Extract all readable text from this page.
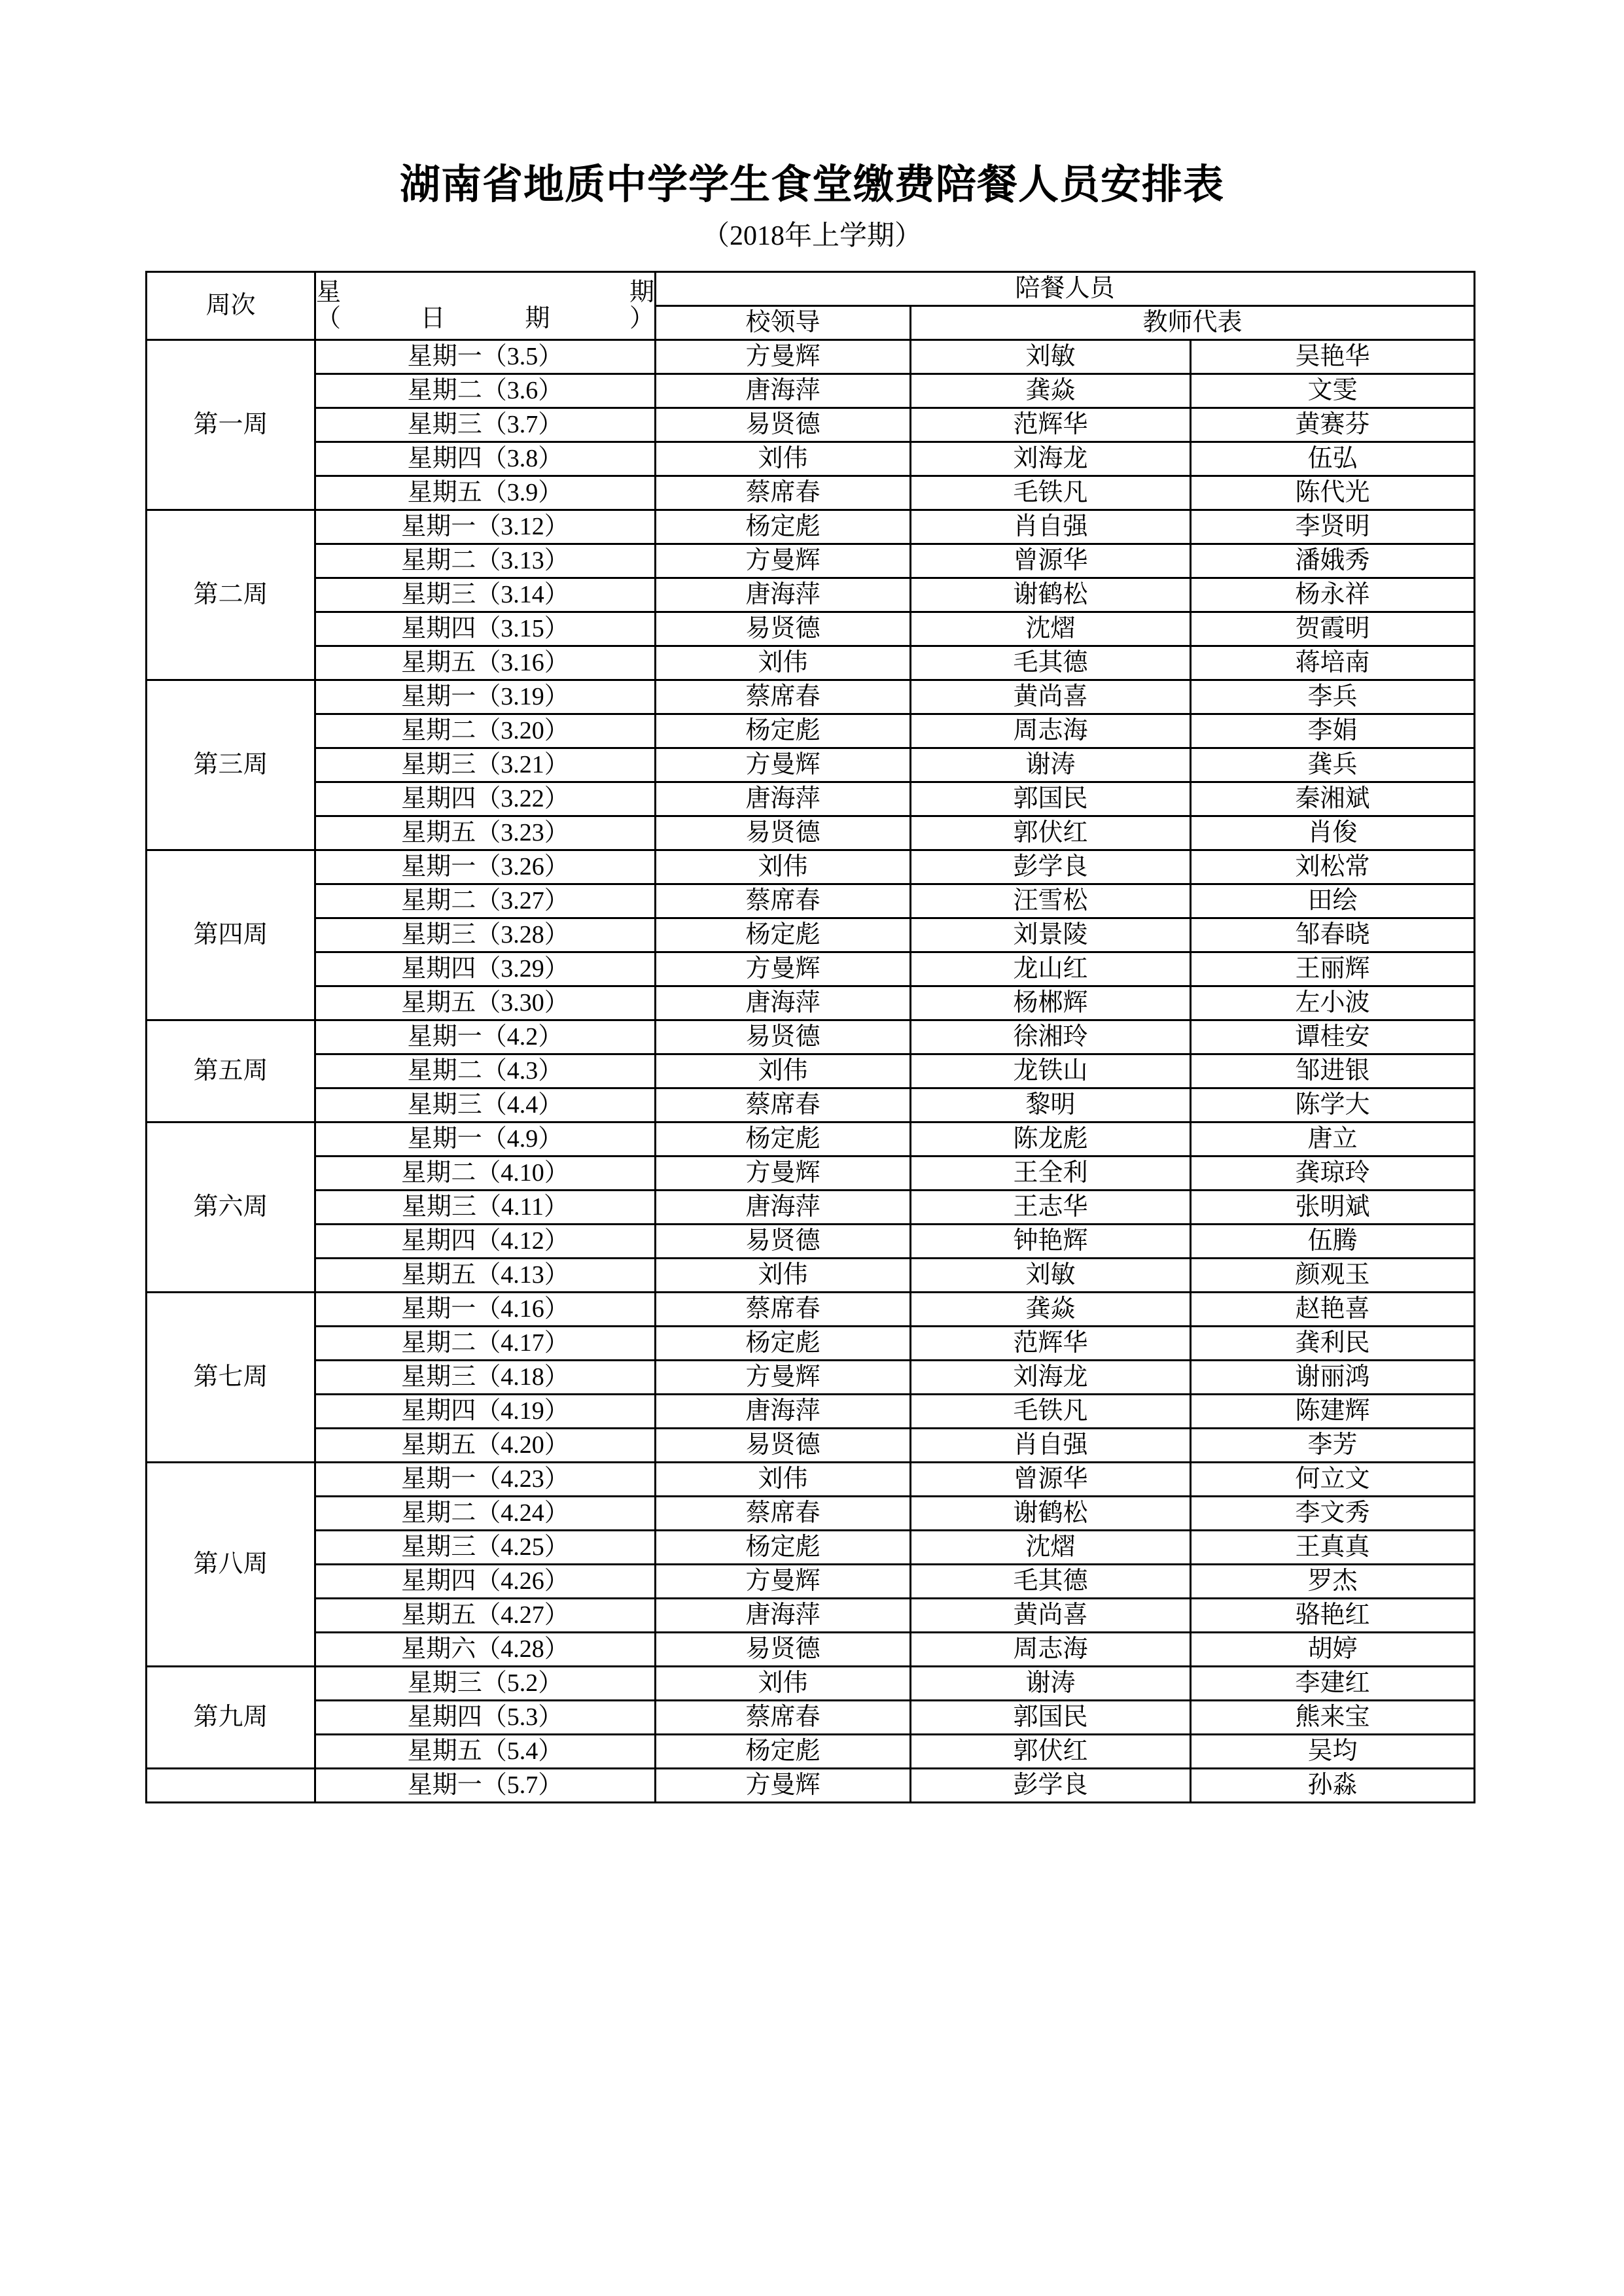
湖南省地质中学学生食堂缴费陪餐人员安排表
（2018年上学期）
周次	星期
（日期）	陪餐人员		
		校领导	教师代表	
第一周	星期一（3.5）	方曼辉	刘敏	吴艳华
	星期二（3.6）	唐海萍	龚焱	文雯
	星期三（3.7）	易贤德	范辉华	黄赛芬
	星期四（3.8）	刘伟	刘海龙	伍弘
	星期五（3.9）	蔡席春	毛铁凡	陈代光
第二周	星期一（3.12）	杨定彪	肖自强	李贤明
	星期二（3.13）	方曼辉	曾源华	潘娥秀
	星期三（3.14）	唐海萍	谢鹤松	杨永祥
	星期四（3.15）	易贤德	沈熠	贺霞明
	星期五（3.16）	刘伟	毛其德	蒋培南
第三周	星期一（3.19）	蔡席春	黄尚喜	李兵
	星期二（3.20）	杨定彪	周志海	李娟
	星期三（3.21）	方曼辉	谢涛	龚兵
	星期四（3.22）	唐海萍	郭国民	秦湘斌
	星期五（3.23）	易贤德	郭伏红	肖俊
第四周	星期一（3.26）	刘伟	彭学良	刘松常
	星期二（3.27）	蔡席春	汪雪松	田绘
	星期三（3.28）	杨定彪	刘景陵	邹春晓
	星期四（3.29）	方曼辉	龙山红	王丽辉
	星期五（3.30）	唐海萍	杨郴辉	左小波
第五周	星期一（4.2）	易贤德	徐湘玲	谭桂安
	星期二（4.3）	刘伟	龙铁山	邹进银
	星期三（4.4）	蔡席春	黎明	陈学大
第六周	星期一（4.9）	杨定彪	陈龙彪	唐立
	星期二（4.10）	方曼辉	王全利	龚琼玲
	星期三（4.11）	唐海萍	王志华	张明斌
	星期四（4.12）	易贤德	钟艳辉	伍腾
	星期五（4.13）	刘伟	刘敏	颜观玉
第七周	星期一（4.16）	蔡席春	龚焱	赵艳喜
	星期二（4.17）	杨定彪	范辉华	龚利民
	星期三（4.18）	方曼辉	刘海龙	谢丽鸿
	星期四（4.19）	唐海萍	毛铁凡	陈建辉
	星期五（4.20）	易贤德	肖自强	李芳
第八周	星期一（4.23）	刘伟	曾源华	何立文
	星期二（4.24）	蔡席春	谢鹤松	李文秀
	星期三（4.25）	杨定彪	沈熠	王真真
	星期四（4.26）	方曼辉	毛其德	罗杰
	星期五（4.27）	唐海萍	黄尚喜	骆艳红
	星期六（4.28）	易贤德	周志海	胡婷
第九周	星期三（5.2）	刘伟	谢涛	李建红
	星期四（5.3）	蔡席春	郭国民	熊来宝
	星期五（5.4）	杨定彪	郭伏红	吴均
	星期一（5.7）	方曼辉	彭学良	孙淼
